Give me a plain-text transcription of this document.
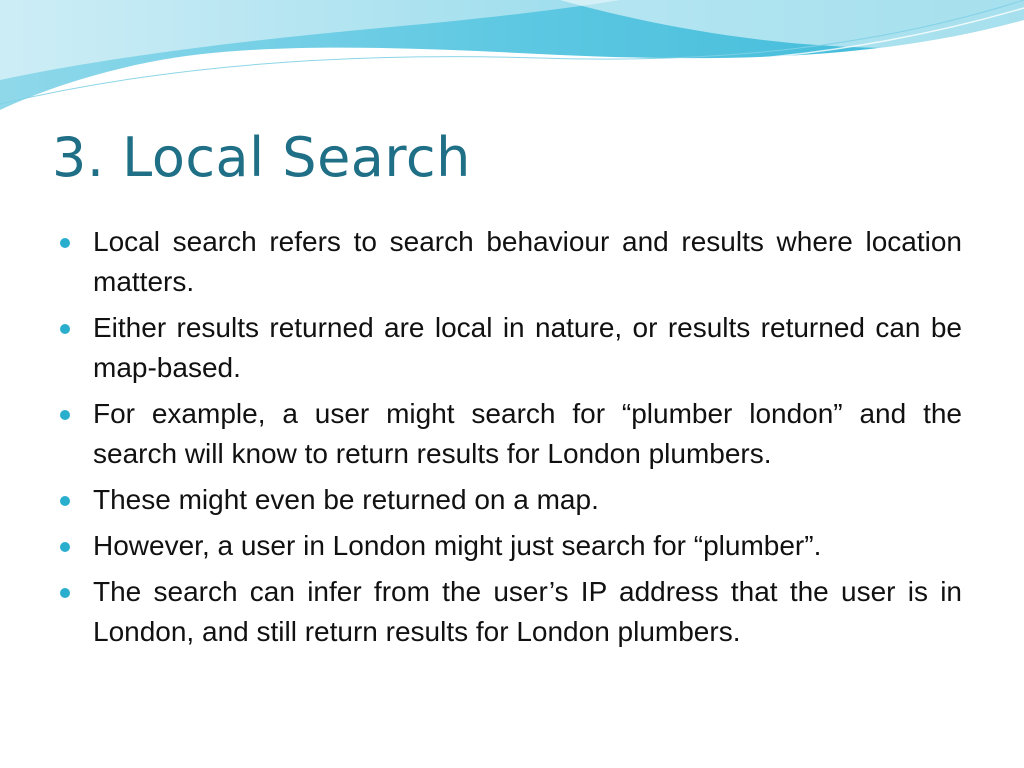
3. Local Search
Local search refers to search behaviour and results where location matters.
Either results returned are local in nature, or results returned can be map-based.
For example, a user might search for “plumber london” and the search will know to return results for London plumbers.
These might even be returned on a map.
However, a user in London might just search for “plumber”.
The search can infer from the user’s IP address that the user is in London, and still return results for London plumbers.
